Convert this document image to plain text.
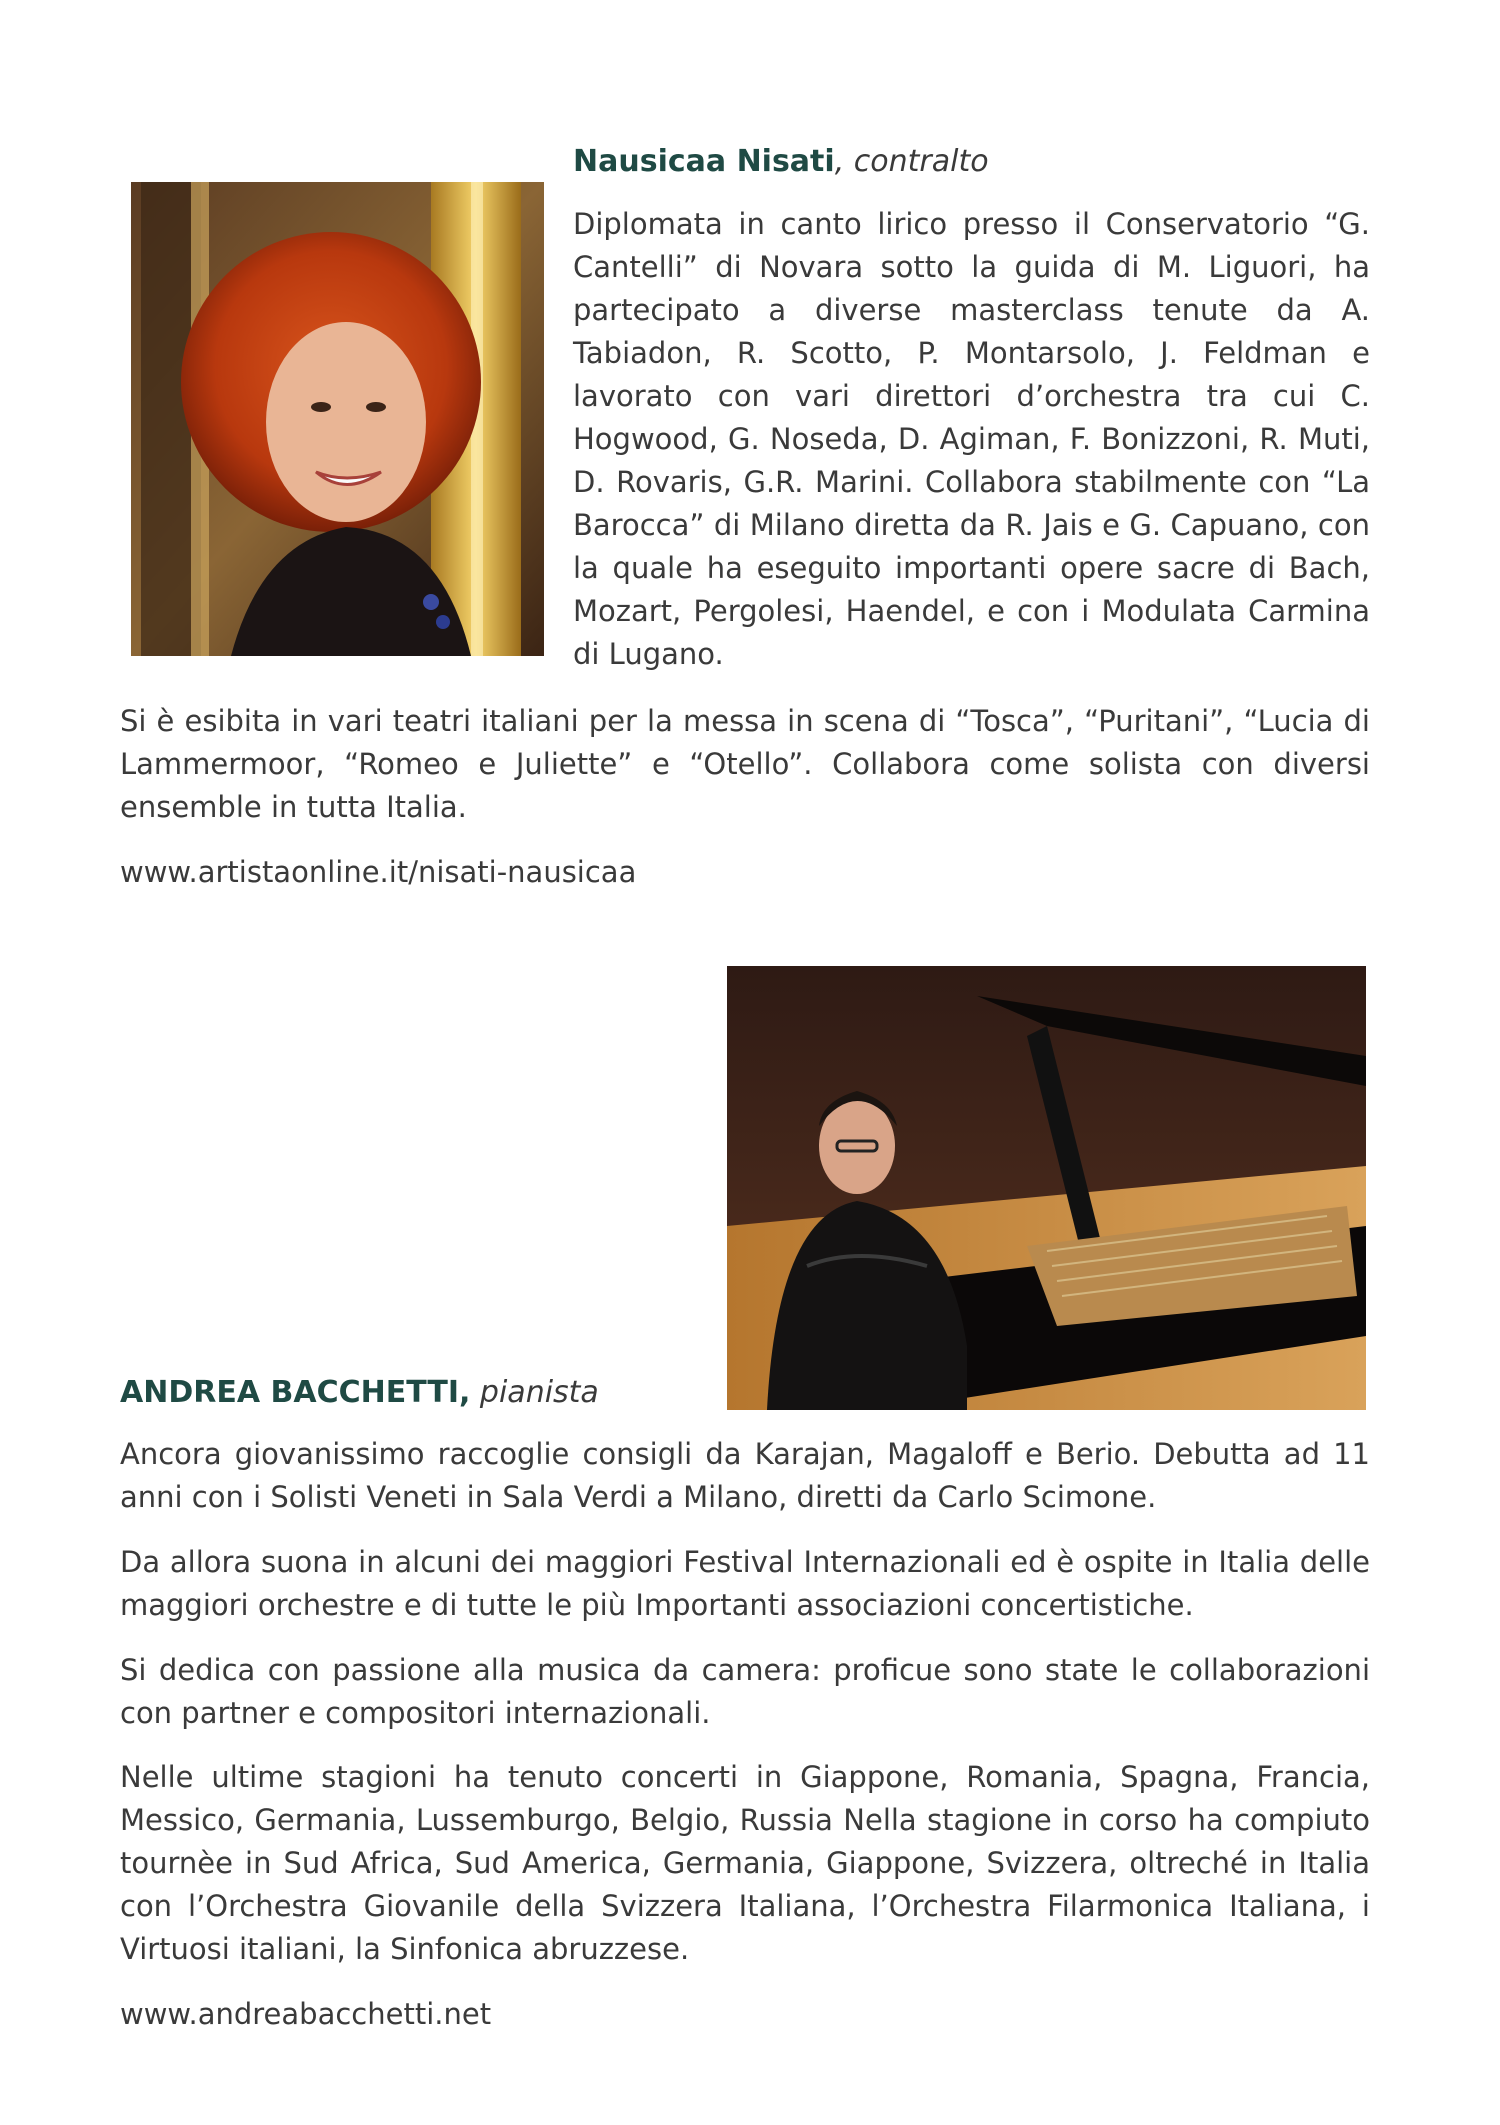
Nausicaa Nisati, contralto

Diplomata in canto lirico presso il Conservatorio “G. Cantelli” di Novara sotto la guida di M. Liguori, ha partecipato a diverse masterclass tenute da A. Tabiadon, R. Scotto, P. Montarsolo, J. Feldman e lavorato con vari direttori d’orchestra tra cui C. Hogwood, G. Noseda, D. Agiman, F. Bonizzoni, R. Muti, D. Rovaris, G.R. Marini. Collabora stabilmente con “La Barocca” di Milano diretta da R. Jais e G. Capuano, con la quale ha eseguito importanti opere sacre di Bach, Mozart, Pergolesi, Haendel, e con i Modulata Carmina di Lugano.

Si è esibita in vari teatri italiani per la messa in scena di “Tosca”, “Puritani”, “Lucia di Lammermoor, “Romeo e Juliette” e “Otello”. Collabora come solista con diversi ensemble in tutta Italia.

www.artistaonline.it/nisati-nausicaa

ANDREA BACCHETTI, pianista

Ancora giovanissimo raccoglie consigli da Karajan, Magaloff e Berio. Debutta ad 11 anni con i Solisti Veneti in Sala Verdi a Milano, diretti da Carlo Scimone.

Da allora suona in alcuni dei maggiori Festival Internazionali ed è ospite in Italia delle maggiori orchestre e di tutte le più Importanti associazioni concertistiche.

Si dedica con passione alla musica da camera: proficue sono state le collaborazioni con partner e compositori internazionali.

Nelle ultime stagioni ha tenuto concerti in Giappone, Romania, Spagna, Francia, Messico, Germania, Lussemburgo, Belgio, Russia Nella stagione in corso ha compiuto tournèe in Sud Africa, Sud America, Germania, Giappone, Svizzera, oltreché in Italia con l’Orchestra Giovanile della Svizzera Italiana, l’Orchestra Filarmonica Italiana, i Virtuosi italiani, la Sinfonica abruzzese.

www.andreabacchetti.net
